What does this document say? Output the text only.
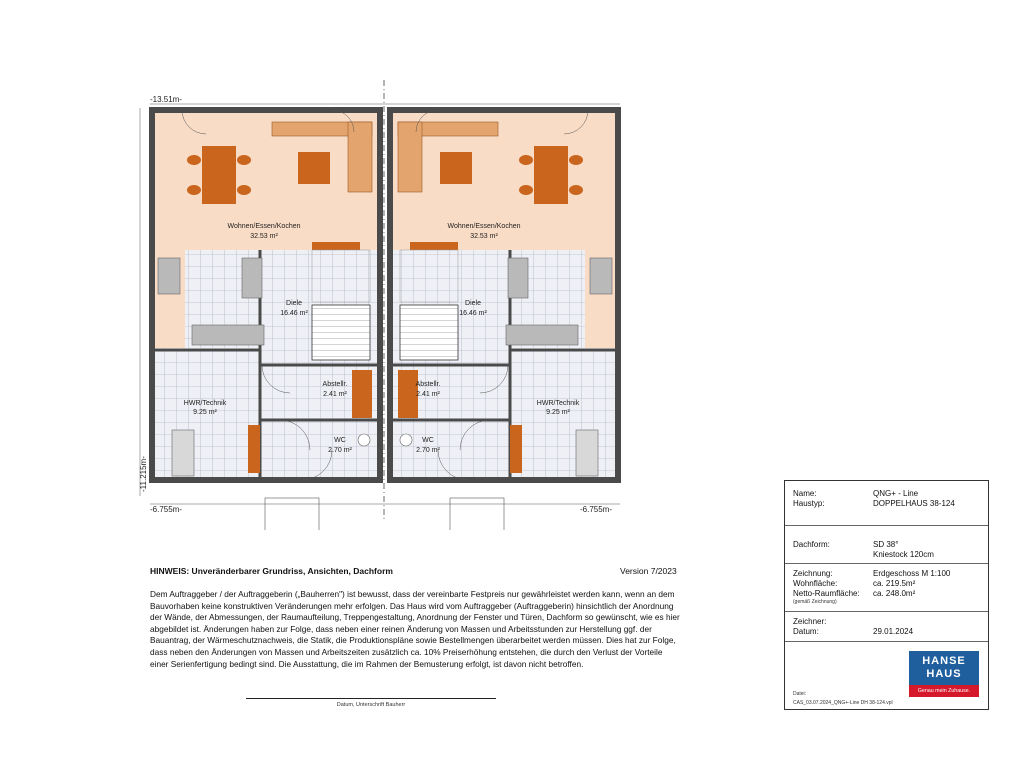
-13.51m-
-11.215m-
-6.755m-	-6.755m-
Wohnen/Essen/Kochen
32.53 m²
Diele
16.46 m²
Abstellr.
2.41 m²
HWR/Technik
9.25 m²
WC
2.70 m²
Wohnen/Essen/Kochen
32.53 m²
Diele
16.46 m²
Abstellr.
2.41 m²
HWR/Technik
9.25 m²
WC
2.70 m²
HINWEIS: Unveränderbarer Grundriss, Ansichten, Dachform	Version 7/2023
Dem Auftraggeber / der Auftraggeberin („Bauherren") ist bewusst, dass der vereinbarte Festpreis nur gewährleistet werden kann, wenn an dem
Bauvorhaben keine konstruktiven Veränderungen mehr erfolgen. Das Haus wird vom Auftraggeber (Auftraggeberin) hinsichtlich der Anordnung
der Wände, der Abmessungen, der Raumaufteilung, Treppengestaltung, Anordnung der Fenster und Türen, Dachform so gewünscht, wie es hier
abgebildet ist. Änderungen haben zur Folge, dass neben einer reinen Änderung von Massen und Arbeitsstunden zur Herstellung ggf. der
Bauantrag, der Wärmeschutznachweis, die Statik, die Produktionspläne sowie Bestellmengen überarbeitet werden müssen. Dies hat zur Folge,
dass neben den Änderungen von Massen und Arbeitszeiten zusätzlich ca. 10% Preiserhöhung entstehen, die durch den Verlust der Vorteile
einer Serienfertigung bedingt sind. Die Ausstattung, die im Rahmen der Bemusterung erfolgt, ist davon nicht betroffen.
Datum, Unterschrift Bauherr
Name:	QNG+ - Line
Haustyp:	DOPPELHAUS 38-124
Dachform:	SD 38°
Kniestock 120cm
Zeichnung:	Erdgeschoss M 1:100
Wohnfläche:	ca. 219.5m²
Netto-Raumfläche: ca. 248.0m²
(gemäß Zeichnung)
Zeichner:
Datum:	29.01.2024
HANSE
HAUS
Genau mein Zuhause.
Datei:
CAS_03.07.2024_QNG+-Line DH 38-124.vpl
